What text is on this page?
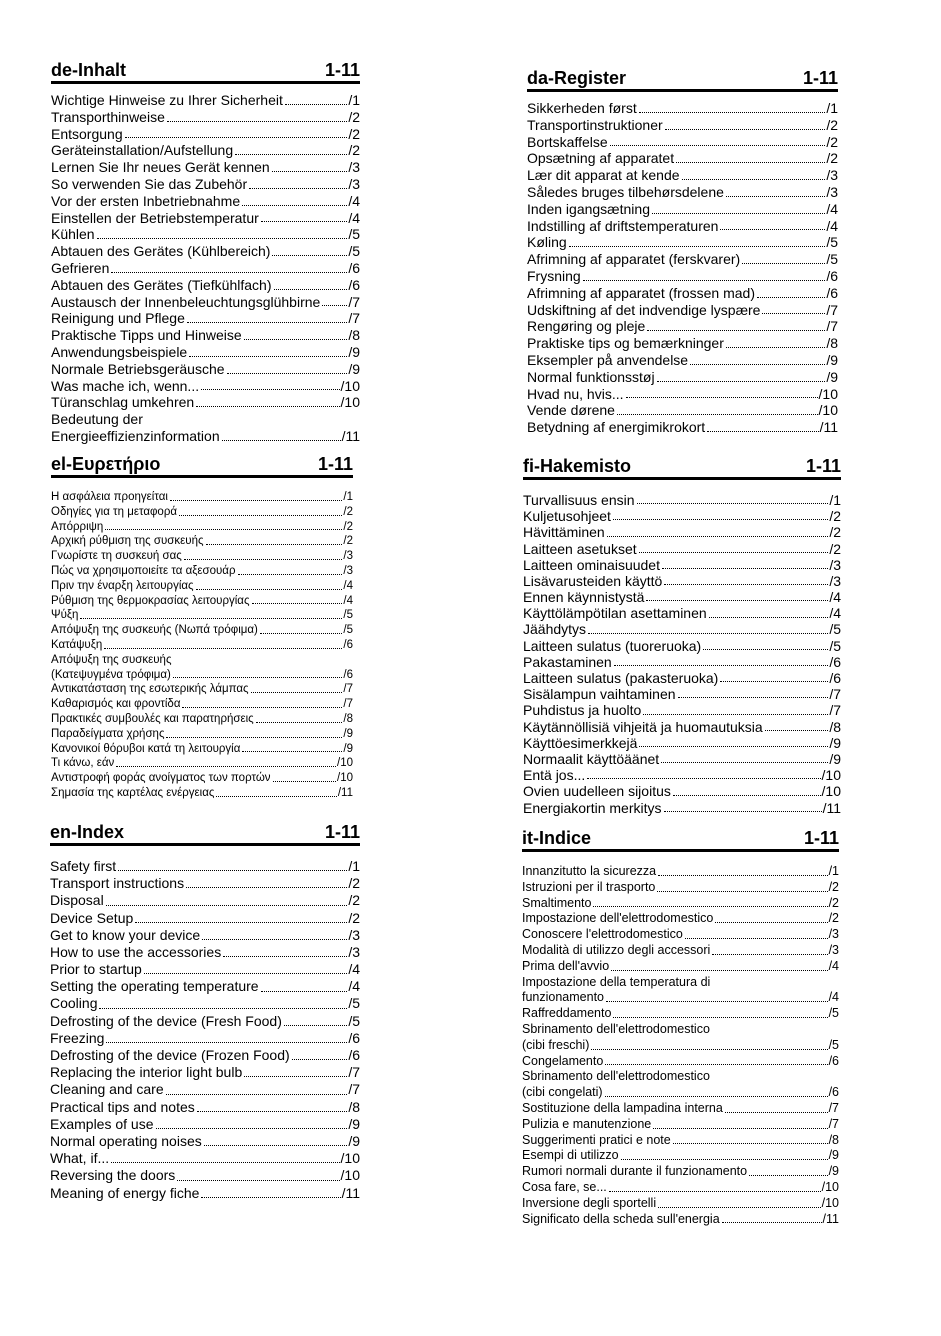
de-Inhalt	1-11
Wichtige Hinweise zu Ihrer Sicherheit	/1
Transporthinweise	/2
Entsorgung	/2
Geräteinstallation/Aufstellung	/2
Lernen Sie Ihr neues Gerät kennen	/3
So verwenden Sie das Zubehör	/3
Vor der ersten Inbetriebnahme	/4
Einstellen der Betriebstemperatur	/4
Kühlen	/5
Abtauen des Gerätes (Kühlbereich)	/5
Gefrieren	/6
Abtauen des Gerätes (Tiefkühlfach)	/6
Austausch der Innenbeleuchtungsglühbirne /7
Reinigung und Pflege	/7
Praktische Tipps und Hinweise	/8
Anwendungsbeispiele	/9
Normale Betriebsgeräusche	/9
Was mache ich, wenn...	/10
Türanschlag umkehren	/10
Bedeutung der
Energieeffizienzinformation	/11
el-Ευρετήριο	1-11
Η ασφάλεια προηγείται	/1
Οδηγίες για τη μεταφορά	/2
Απόρριψη	/2
Αρχική ρύθμιση της συσκευής	/2
Γνωρίστε τη συσκευή σας	/3
Πώς να χρησιμοποιείτε τα αξεσουάρ	/3
Πριν την έναρξη λειτουργίας	/4
Ρύθμιση της θερμοκρασίας λειτουργίας	/4
Ψύξη	/5
Απόψυξη της συσκευής (Νωπά τρόφιμα)	/5
Κατάψυξη	/6
Απόψυξη της συσκευής
(Κατεψυγμένα τρόφιμα)	/6
Αντικατάσταση της εσωτερικής λάμπας	/7
Καθαρισμός και φροντίδα	/7
Πρακτικές συμβουλές και παρατηρήσεις	/8
Παραδείγματα χρήσης	/9
Κανονικοί θόρυβοι κατά τη λειτουργία	/9
Τι κάνω, εάν	/10
Αντιστροφή φοράς ανοίγματος των πορτών	/10
Σημασία της καρτέλας ενέργειας	/11
en-Index	1-11
Safety first	/1
Transport instructions	/2
Disposal	/2
Device Setup	/2
Get to know your device	/3
How to use the accessories	/3
Prior to startup	/4
Setting the operating temperature	/4
Cooling	/5
Defrosting of the device (Fresh Food)	/5
Freezing	/6
Defrosting of the device (Frozen Food)	/6
Replacing the interior light bulb	/7
Cleaning and care	/7
Practical tips and notes	/8
Examples of use	/9
Normal operating noises	/9
What, if...	/10
Reversing the doors	/10
Meaning of energy fiche	/11
da-Register	1-11
Sikkerheden først	/1
Transportinstruktioner	/2
Bortskaffelse	/2
Opsætning af apparatet	/2
Lær dit apparat at kende	/3
Således bruges tilbehørsdelene	/3
Inden igangsætning	/4
Indstilling af driftstemperaturen	/4
Køling	/5
Afrimning af apparatet (ferskvarer)	/5
Frysning	/6
Afrimning af apparatet (frossen mad)	/6
Udskiftning af det indvendige lyspære	/7
Rengøring og pleje	/7
Praktiske tips og bemærkninger	/8
Eksempler på anvendelse	/9
Normal funktionsstøj	/9
Hvad nu, hvis...	/10
Vende dørene	/10
Betydning af energimikrokort	/11
fi-Hakemisto	1-11
Turvallisuus ensin	/1
Kuljetusohjeet	/2
Hävittäminen	/2
Laitteen asetukset	/2
Laitteen ominaisuudet	/3
Lisävarusteiden käyttö	/3
Ennen käynnistystä	/4
Käyttölämpötilan asettaminen	/4
Jäähdytys	/5
Laitteen sulatus (tuoreruoka)	/5
Pakastaminen	/6
Laitteen sulatus (pakasteruoka)	/6
Sisälampun vaihtaminen	/7
Puhdistus ja huolto	/7
Käytännöllisiä vihjeitä ja huomautuksia	/8
Käyttöesimerkkejä	/9
Normaalit käyttöäänet	/9
Entä jos...	/10
Ovien uudelleen sijoitus	/10
Energiakortin merkitys	/11
it-Indice	1-11
Innanzitutto la sicurezza	/1
Istruzioni per il trasporto	/2
Smaltimento	/2
Impostazione dell'elettrodomestico	/2
Conoscere l'elettrodomestico	/3
Modalità di utilizzo degli accessori	/3
Prima dell'avvio	/4
Impostazione della temperatura di
funzionamento	/4
Raffreddamento	/5
Sbrinamento dell'elettrodomestico
(cibi freschi)	/5
Congelamento	/6
Sbrinamento dell'elettrodomestico
(cibi congelati)	/6
Sostituzione della lampadina interna	/7
Pulizia e manutenzione	/7
Suggerimenti pratici e note	/8
Esempi di utilizzo	/9
Rumori normali durante il funzionamento	/9
Cosa fare, se...	/10
Inversione degli sportelli	/10
Significato della scheda sull'energia	/11
